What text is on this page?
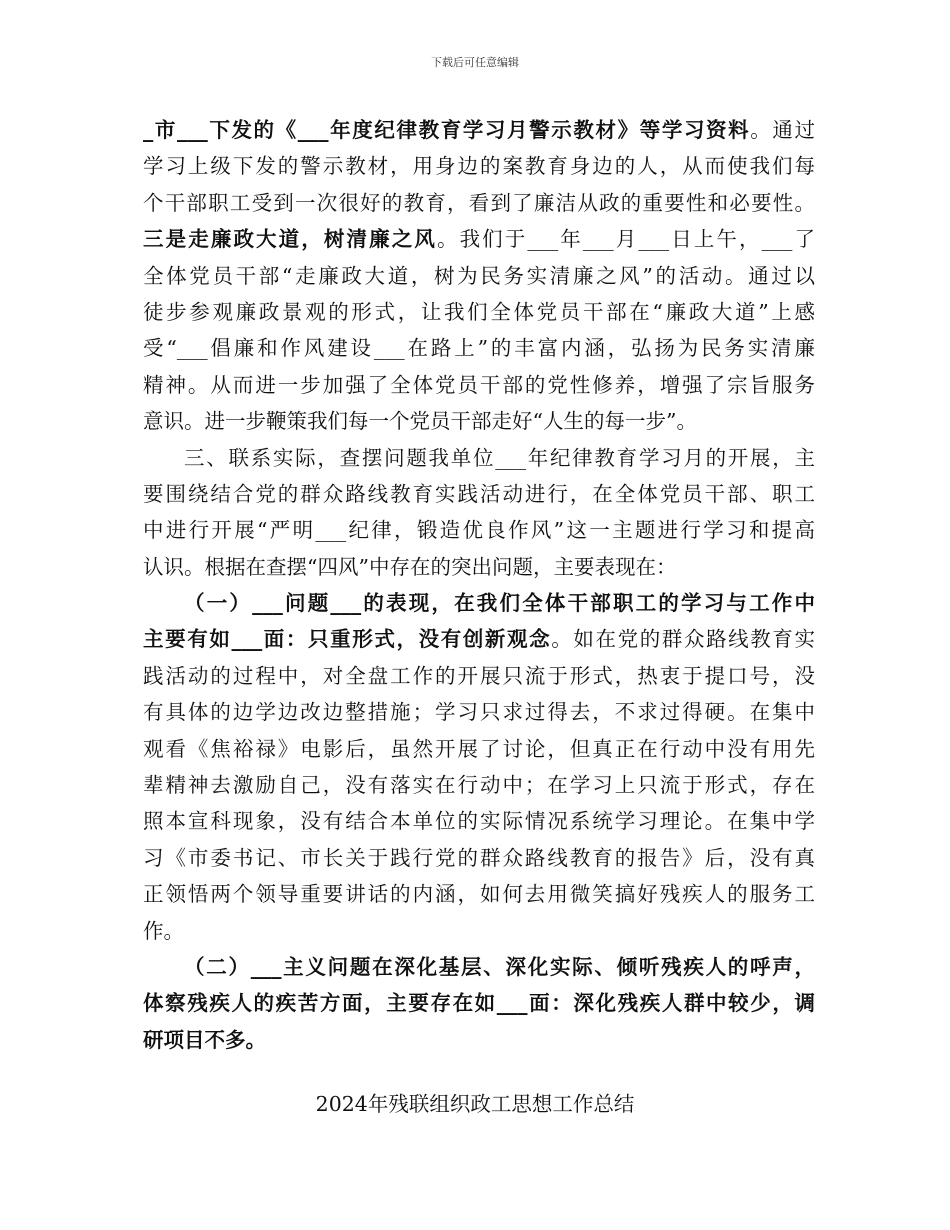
下载后可任意编辑
_市___下发的《___年度纪律教育学习月警示教材》等学习资料。通过
学习上级下发的警示教材，用身边的案教育身边的人，从而使我们每
个干部职工受到一次很好的教育，看到了廉洁从政的重要性和必要性。
三是走廉政大道，树清廉之风。我们于___年___月___日上午，___了
全体党员干部“走廉政大道，树为民务实清廉之风”的活动。通过以
徒步参观廉政景观的形式，让我们全体党员干部在“廉政大道”上感
受“___倡廉和作风建设___在路上”的丰富内涵，弘扬为民务实清廉
精神。从而进一步加强了全体党员干部的党性修养，增强了宗旨服务
意识。进一步鞭策我们每一个党员干部走好“人生的每一步”。
三、联系实际，查摆问题我单位___年纪律教育学习月的开展，主
要围绕结合党的群众路线教育实践活动进行，在全体党员干部、职工
中进行开展“严明___纪律，锻造优良作风”这一主题进行学习和提高
认识。根据在查摆“四风”中存在的突出问题，主要表现在：
（一）___问题___的表现，在我们全体干部职工的学习与工作中
主要有如___面：只重形式，没有创新观念。如在党的群众路线教育实
践活动的过程中，对全盘工作的开展只流于形式，热衷于提口号，没
有具体的边学边改边整措施；学习只求过得去，不求过得硬。在集中
观看《焦裕禄》电影后，虽然开展了讨论，但真正在行动中没有用先
辈精神去激励自己，没有落实在行动中；在学习上只流于形式，存在
照本宣科现象，没有结合本单位的实际情况系统学习理论。在集中学
习《市委书记、市长关于践行党的群众路线教育的报告》后，没有真
正领悟两个领导重要讲话的内涵，如何去用微笑搞好残疾人的服务工
作。
（二）___主义问题在深化基层、深化实际、倾听残疾人的呼声，
体察残疾人的疾苦方面，主要存在如___面：深化残疾人群中较少，调
研项目不多。
2024年残联组织政工思想工作总结
